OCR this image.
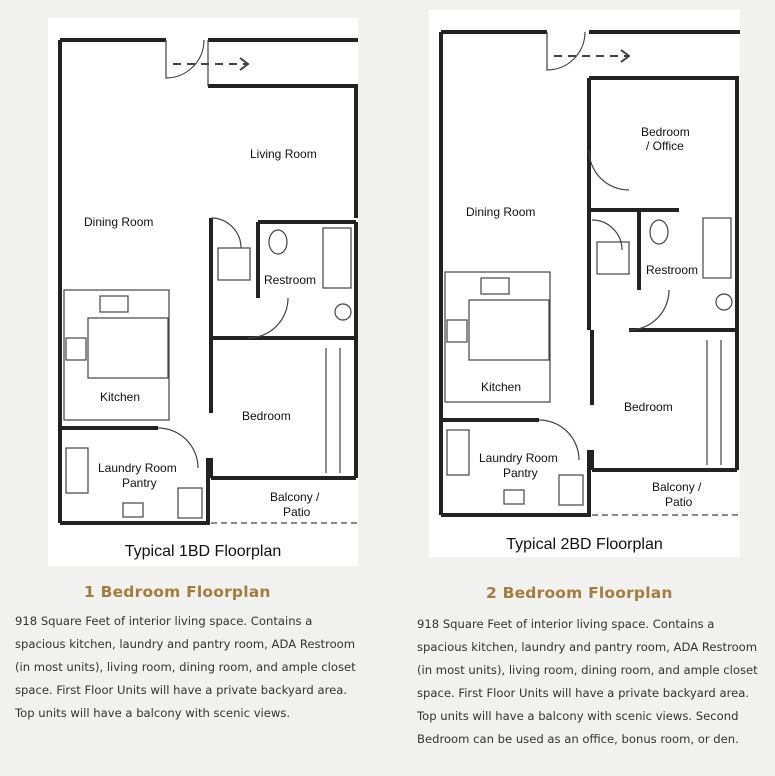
Living Room
Dining Room
Restroom
Kitchen
Bedroom
Laundry Room
Pantry
Balcony /
Patio
Typical 1BD Floorplan
1 Bedroom Floorplan
918 Square Feet of interior living space. Contains a spacious kitchen, laundry and pantry room, ADA Restroom (in most units), living room, dining room, and ample closet space. First Floor Units will have a private backyard area. Top units will have a balcony with scenic views.
Bedroom
/ Office
Dining Room
Restroom
Kitchen
Bedroom
Laundry Room
Pantry
Balcony /
Patio
Typical 2BD Floorplan
2 Bedroom Floorplan
918 Square Feet of interior living space. Contains a spacious kitchen, laundry and pantry room, ADA Restroom (in most units), living room, dining room, and ample closet space. First Floor Units will have a private backyard area. Top units will have a balcony with scenic views. Second Bedroom can be used as an office, bonus room, or den.
